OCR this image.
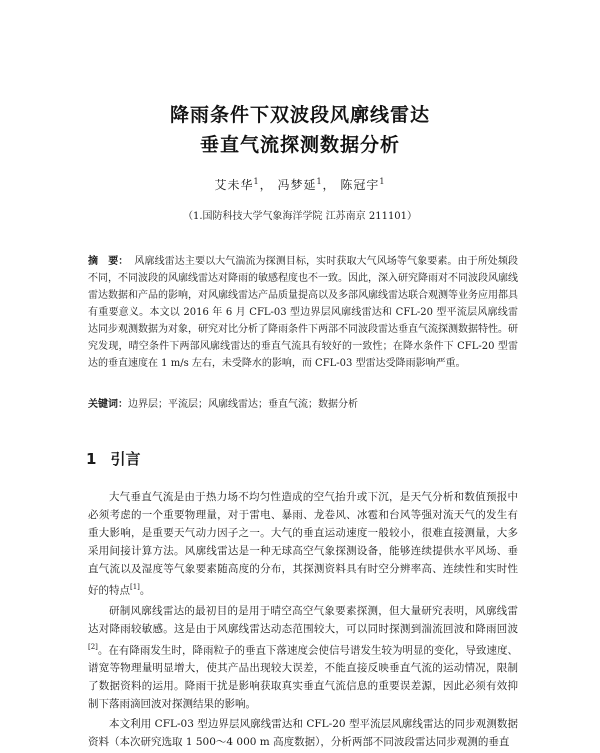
降雨条件下双波段风廓线雷达
垂直气流探测数据分析
艾未华$^1$， 冯梦延$^1$， 陈冠宇$^1$
（1.国防科技大学气象海洋学院 江苏南京 211101）
摘　要： 风廓线雷达主要以大气湍流为探测目标，实时获取大气风场等气象要素。由于所处频段不同，不同波段的风廓线雷达对降雨的敏感程度也不一致。因此，深入研究降雨对不同波段风廓线雷达数据和产品的影响，对风廓线雷达产品质量提高以及多部风廓线雷达联合观测等业务应用都具有重要意义。本文以 2016 年 6 月 CFL-03 型边界层风廓线雷达和 CFL-20 型平流层风廓线雷达同步观测数据为对象，研究对比分析了降雨条件下两部不同波段雷达垂直气流探测数据特性。研究发现，晴空条件下两部风廓线雷达的垂直气流具有较好的一致性；在降水条件下 CFL-20 型雷达的垂直速度在 1 m/s 左右，未受降水的影响，而 CFL-03 型雷达受降雨影响严重。
关键词：边界层；平流层；风廓线雷达；垂直气流；数据分析
1 引言

大气垂直气流是由于热力场不均匀性造成的空气抬升或下沉，是天气分析和数值预报中必须考虑的一个重要物理量，对于雷电、暴雨、龙卷风、冰雹和台风等强对流天气的发生有重大影响，是重要天气动力因子之一。大气的垂直运动速度一般较小，很难直接测量，大多采用间接计算方法。风廓线雷达是一种无球高空气象探测设备，能够连续提供水平风场、垂直气流以及湿度等气象要素随高度的分布，其探测资料具有时空分辨率高、连续性和实时性好的特点[1]。

研制风廓线雷达的最初目的是用于晴空高空气象要素探测，但大量研究表明，风廓线雷达对降雨较敏感。这是由于风廓线雷达动态范围较大，可以同时探测到湍流回波和降雨回波[2]。在有降雨发生时，降雨粒子的垂直下落速度会使信号谱发生较为明显的变化，导致速度、谱宽等物理量明显增大，使其产品出现较大误差，不能直接反映垂直气流的运动情况，限制了数据资料的运用。降雨干扰是影响获取真实垂直气流信息的重要误差源，因此必须有效抑制下落雨滴回波对探测结果的影响。

本文利用 CFL-03 型边界层风廓线雷达和 CFL-20 型平流层风廓线雷达的同步观测数据资料（本次研究选取 1 500～4 000 m 高度数据），分析两部不同波段雷达同步观测的垂直
